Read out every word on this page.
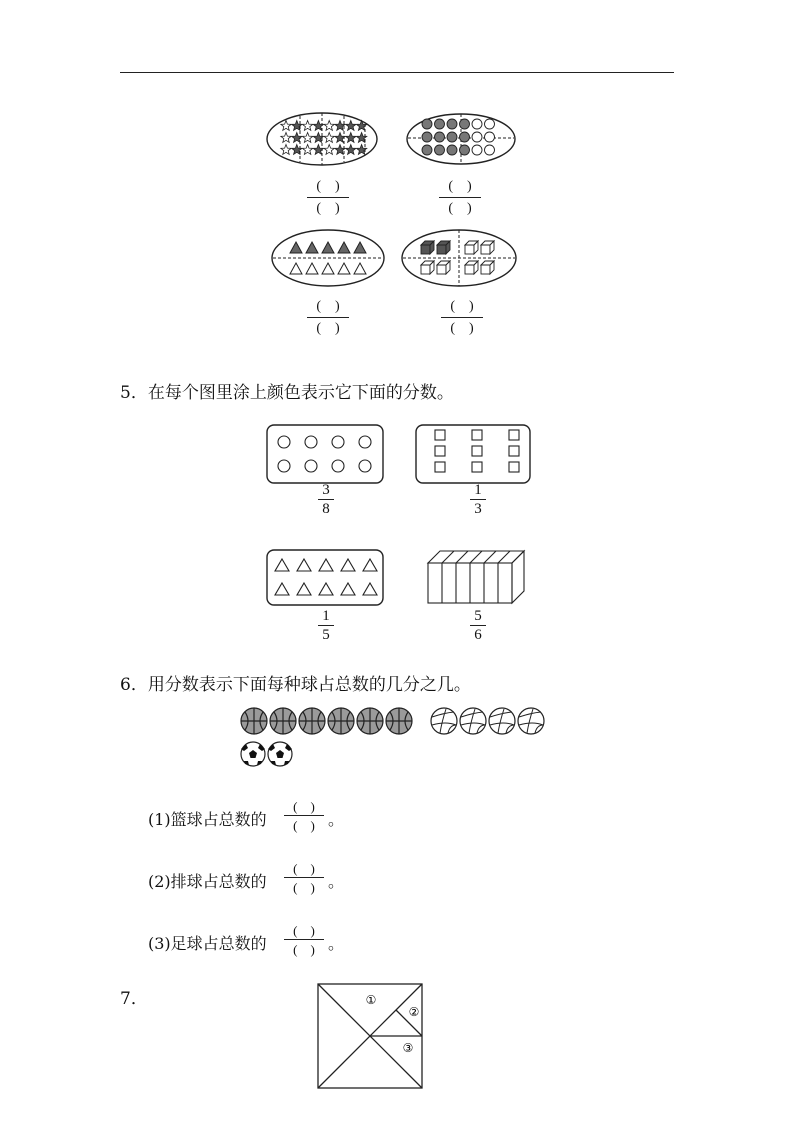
( )
( )
( )
( )
( )
( )
( )
( )
5．在每个图里涂上颜色表示它下面的分数。
3
8
1
3
1
5
5
6
6．用分数表示下面每种球占总数的几分之几。
(1)篮球占总数的
(    )
(    ) 。
(2)排球占总数的
(    )
(    ) 。
(3)足球占总数的
(    )
(    ) 。
7．	①
②
③
